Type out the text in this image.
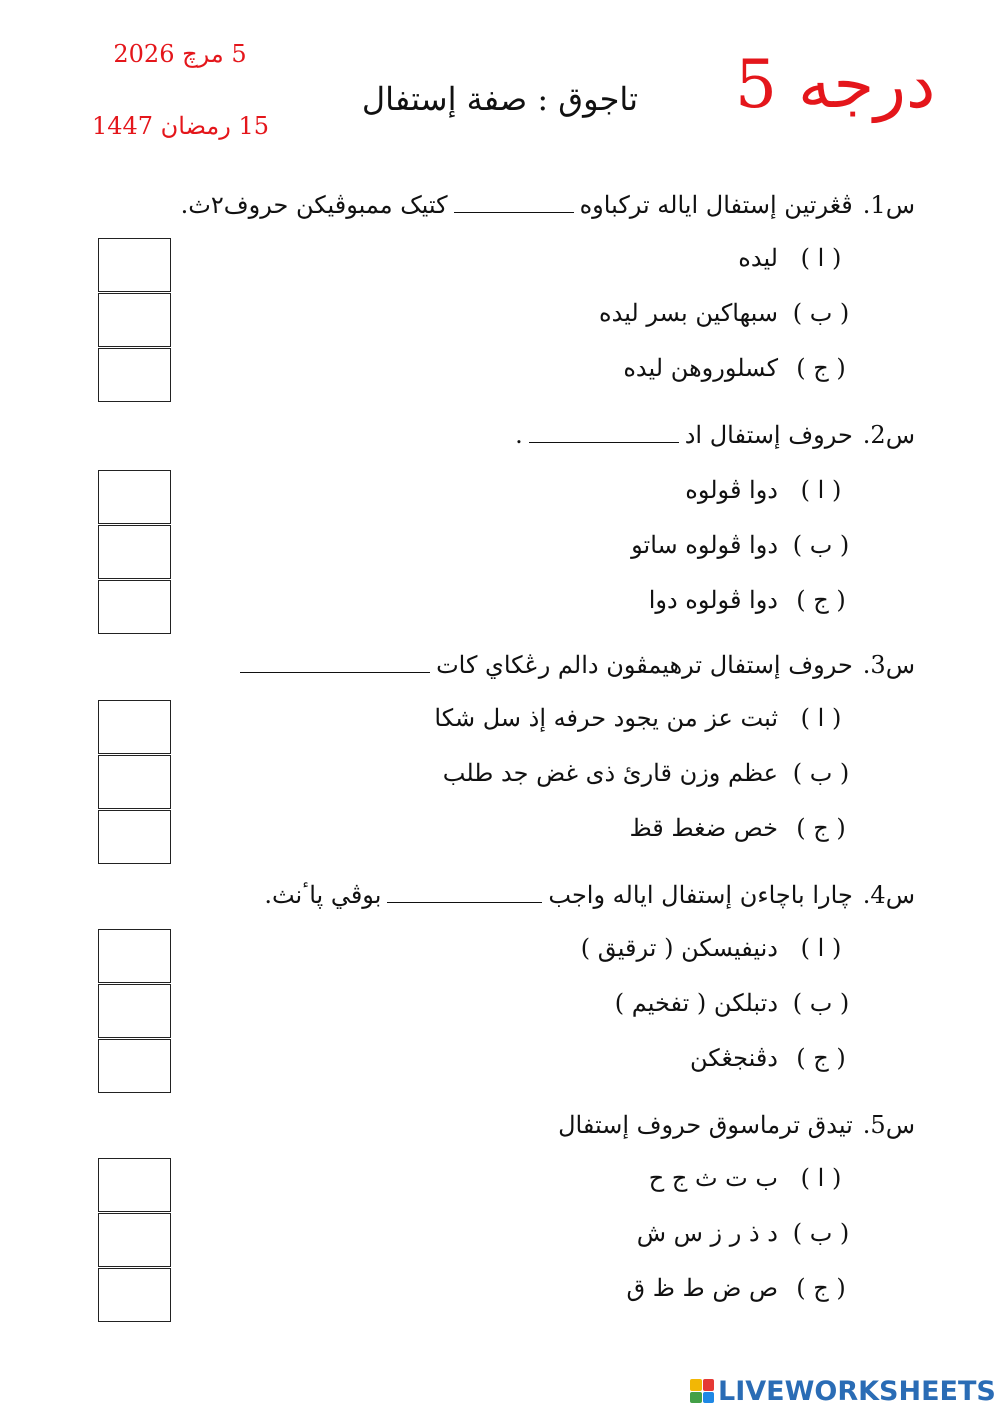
درجه 5
تاجوق : صفة إستفال
5 مرچ 2026
15 رمضان 1447
س1.ڤڠرتين إستفال اياله ترکباوهکتيک ممبوڤيکن حروف٢ث.
( ا )ليده
( ب )سبهاکين بسر ليده
( ج )کسلوروهن ليده
س2.حروف إستفال اد.
( ا )دوا ڤولوه
( ب )دوا ڤولوه ساتو
( ج )دوا ڤولوه دوا
س3.حروف إستفال ترهيمڤون دالم رڠکاي کات
( ا )ثبت عز من يجود حرفه إذ سل شكا
( ب )عظم وزن قارئ ذى غض جد طلب
( ج )خص ضغط قظ
س4.چارا باچاءن إستفال اياله واجببوڤي ڽاٴنث.
( ا )دنيفيسکن ( ترقيق )
( ب )دتبلکن ( تفخيم )
( ج )دڤنجڠکن
س5.تيدق ترماسوق حروف إستفال
( ا )ب ت ث ج ح
( ب )د ذ ر ز س ش
( ج )ص ض ط ظ ق
LIVEWORKSHEETS
